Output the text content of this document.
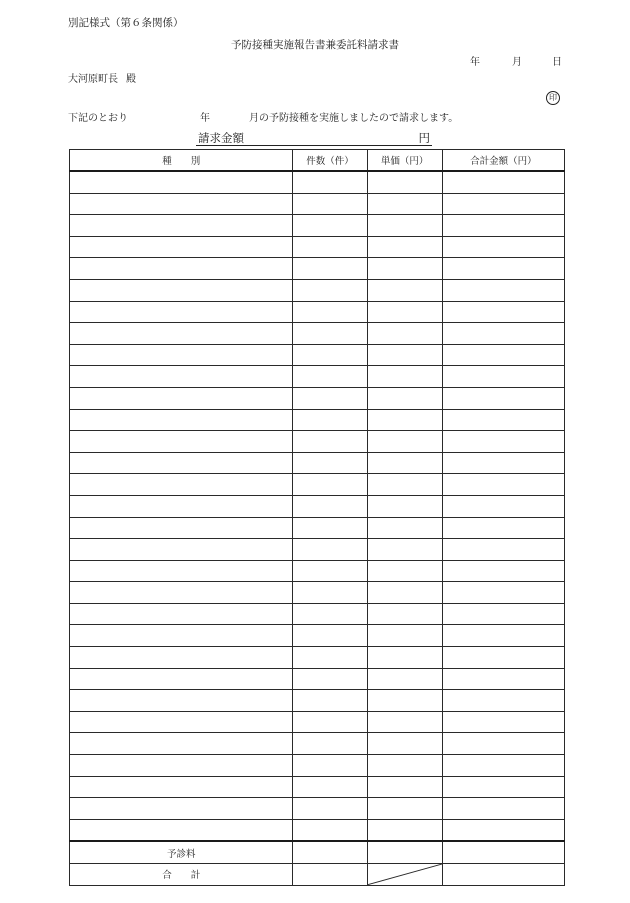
別記様式（第６条関係）
予防接種実施報告書兼委託料請求書
年	月	日
大河原町長 殿
印
下記のとおり	年	月の予防接種を実施しましたので請求します。
請求金額	円
種　　別	件数（件）	単価（円）	合計金額（円）

予診料			
合　　計		
